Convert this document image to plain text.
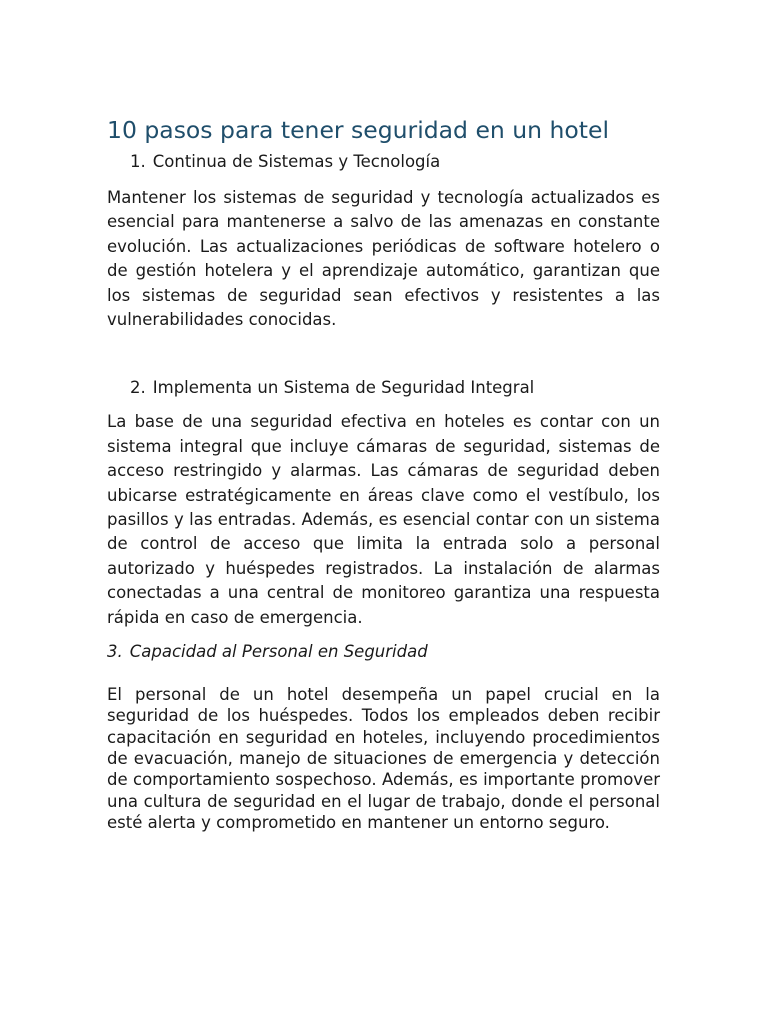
10 pasos para tener seguridad en un hotel
1. Continua de Sistemas y Tecnología

Mantener los sistemas de seguridad y tecnología actualizados es esencial para mantenerse a salvo de las amenazas en constante evolución. Las actualizaciones periódicas de software hotelero o de gestión hotelera y el aprendizaje automático, garantizan que los sistemas de seguridad sean efectivos y resistentes a las vulnerabilidades conocidas.

2. Implementa un Sistema de Seguridad Integral

La base de una seguridad efectiva en hoteles es contar con un sistema integral que incluye cámaras de seguridad, sistemas de acceso restringido y alarmas. Las cámaras de seguridad deben ubicarse estratégicamente en áreas clave como el vestíbulo, los pasillos y las entradas. Además, es esencial contar con un sistema de control de acceso que limita la entrada solo a personal autorizado y huéspedes registrados. La instalación de alarmas conectadas a una central de monitoreo garantiza una respuesta rápida en caso de emergencia.

3. Capacidad al Personal en Seguridad

El personal de un hotel desempeña un papel crucial en la seguridad de los huéspedes. Todos los empleados deben recibir capacitación en seguridad en hoteles, incluyendo procedimientos de evacuación, manejo de situaciones de emergencia y detección de comportamiento sospechoso. Además, es importante promover una cultura de seguridad en el lugar de trabajo, donde el personal esté alerta y comprometido en mantener un entorno seguro.
